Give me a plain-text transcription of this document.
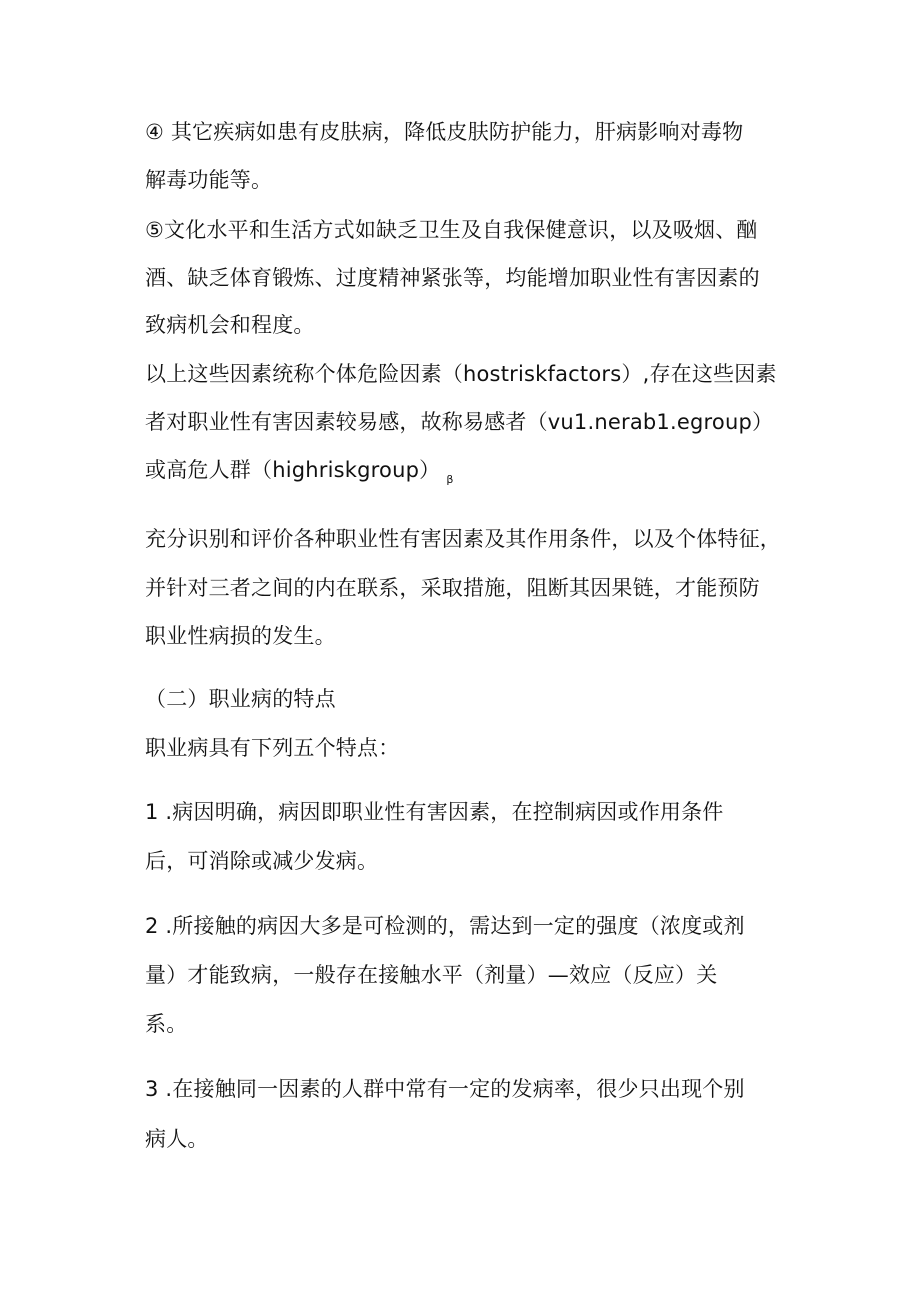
④ 其它疾病如患有皮肤病，降低皮肤防护能力，肝病影响对毒物
解毒功能等。
⑤文化水平和生活方式如缺乏卫生及自我保健意识，以及吸烟、酗
酒、缺乏体育锻炼、过度精神紧张等，均能增加职业性有害因素的
致病机会和程度。
以上这些因素统称个体危险因素（hostriskfactors）,存在这些因素
者对职业性有害因素较易感，故称易感者（vu1.nerab1.egroup）
或高危人群（highriskgroup） $_\beta$
充分识别和评价各种职业性有害因素及其作用条件，以及个体特征，
并针对三者之间的内在联系，采取措施，阻断其因果链，才能预防
职业性病损的发生。
（二）职业病的特点
职业病具有下列五个特点：
1 .病因明确，病因即职业性有害因素，在控制病因或作用条件
后，可消除或减少发病。
2 .所接触的病因大多是可检测的，需达到一定的强度（浓度或剂
量）才能致病，一般存在接触水平（剂量）—效应（反应）关
系。
3 .在接触同一因素的人群中常有一定的发病率，很少只出现个别
病人。
